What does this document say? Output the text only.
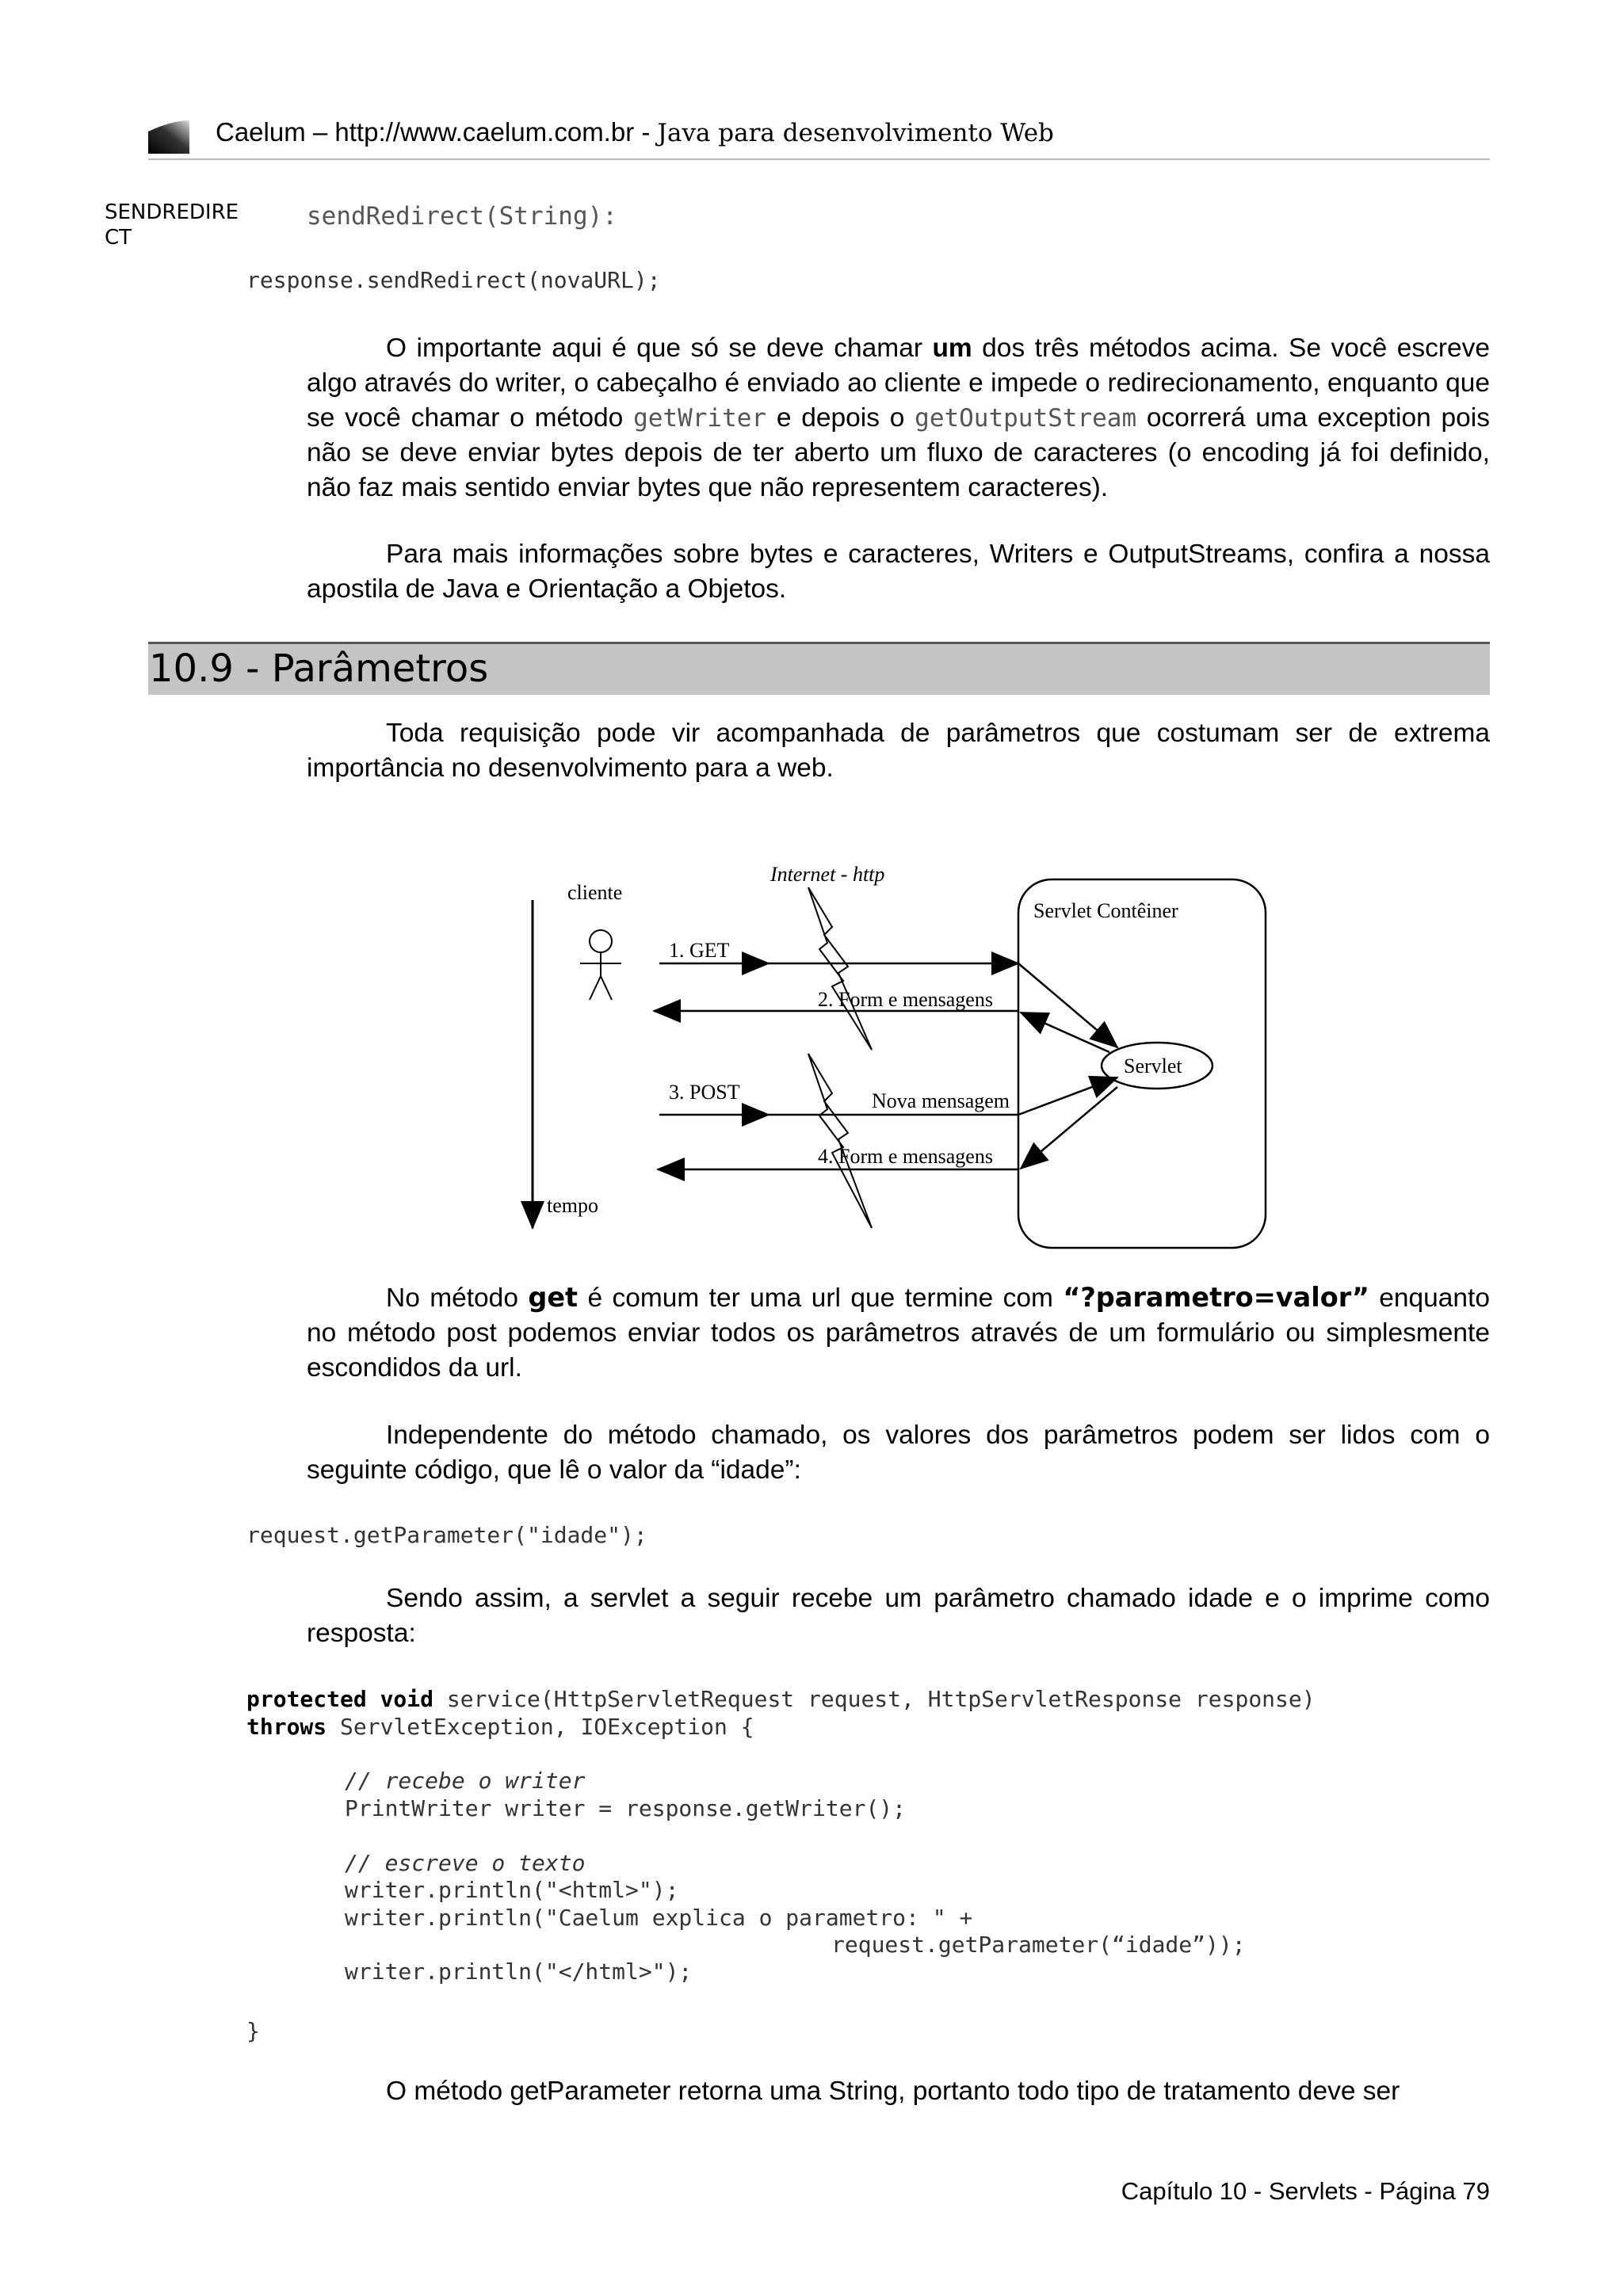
Caelum – http://www.caelum.com.br - Java para desenvolvimento Web
SENDREDIRE
CT
sendRedirect(String):
response.sendRedirect(novaURL);
O importante aqui é que só se deve chamar um dos três métodos acima. Se você escreve algo através do writer, o cabeçalho é enviado ao cliente e impede o redirecionamento, enquanto que se você chamar o método getWriter e depois o getOutputStream ocorrerá uma exception pois não se deve enviar bytes depois de ter aberto um fluxo de caracteres (o encoding já foi definido, não faz mais sentido enviar bytes que não representem caracteres).
Para mais informações sobre bytes e caracteres, Writers e OutputStreams, confira a nossa apostila de Java e Orientação a Objetos.
10.9 - Parâmetros
Toda requisição pode vir acompanhada de parâmetros que costumam ser de extrema importância no desenvolvimento para a web.
Internet - http
cliente
tempo
Servlet Contêiner
Servlet
1. GET
2. Form e mensagens
3. POST	Nova mensagem
4. Form e mensagens
No método get é comum ter uma url que termine com “?parametro=valor” enquanto no método post podemos enviar todos os parâmetros através de um formulário ou simplesmente escondidos da url.
Independente do método chamado, os valores dos parâmetros podem ser lidos com o seguinte código, que lê o valor da “idade”:
request.getParameter("idade");
Sendo assim, a servlet a seguir recebe um parâmetro chamado idade e o imprime como resposta:
protected void service(HttpServletRequest request, HttpServletResponse response)
throws ServletException, IOException {

// recebe o writer
PrintWriter writer = response.getWriter();

// escreve o texto
writer.println("<html>");
writer.println("Caelum explica o parametro: " +

request.getParameter(“idade”));
writer.println("</html>");
}
O método getParameter retorna uma String, portanto todo tipo de tratamento deve ser
Capítulo 10 - Servlets - Página 79
